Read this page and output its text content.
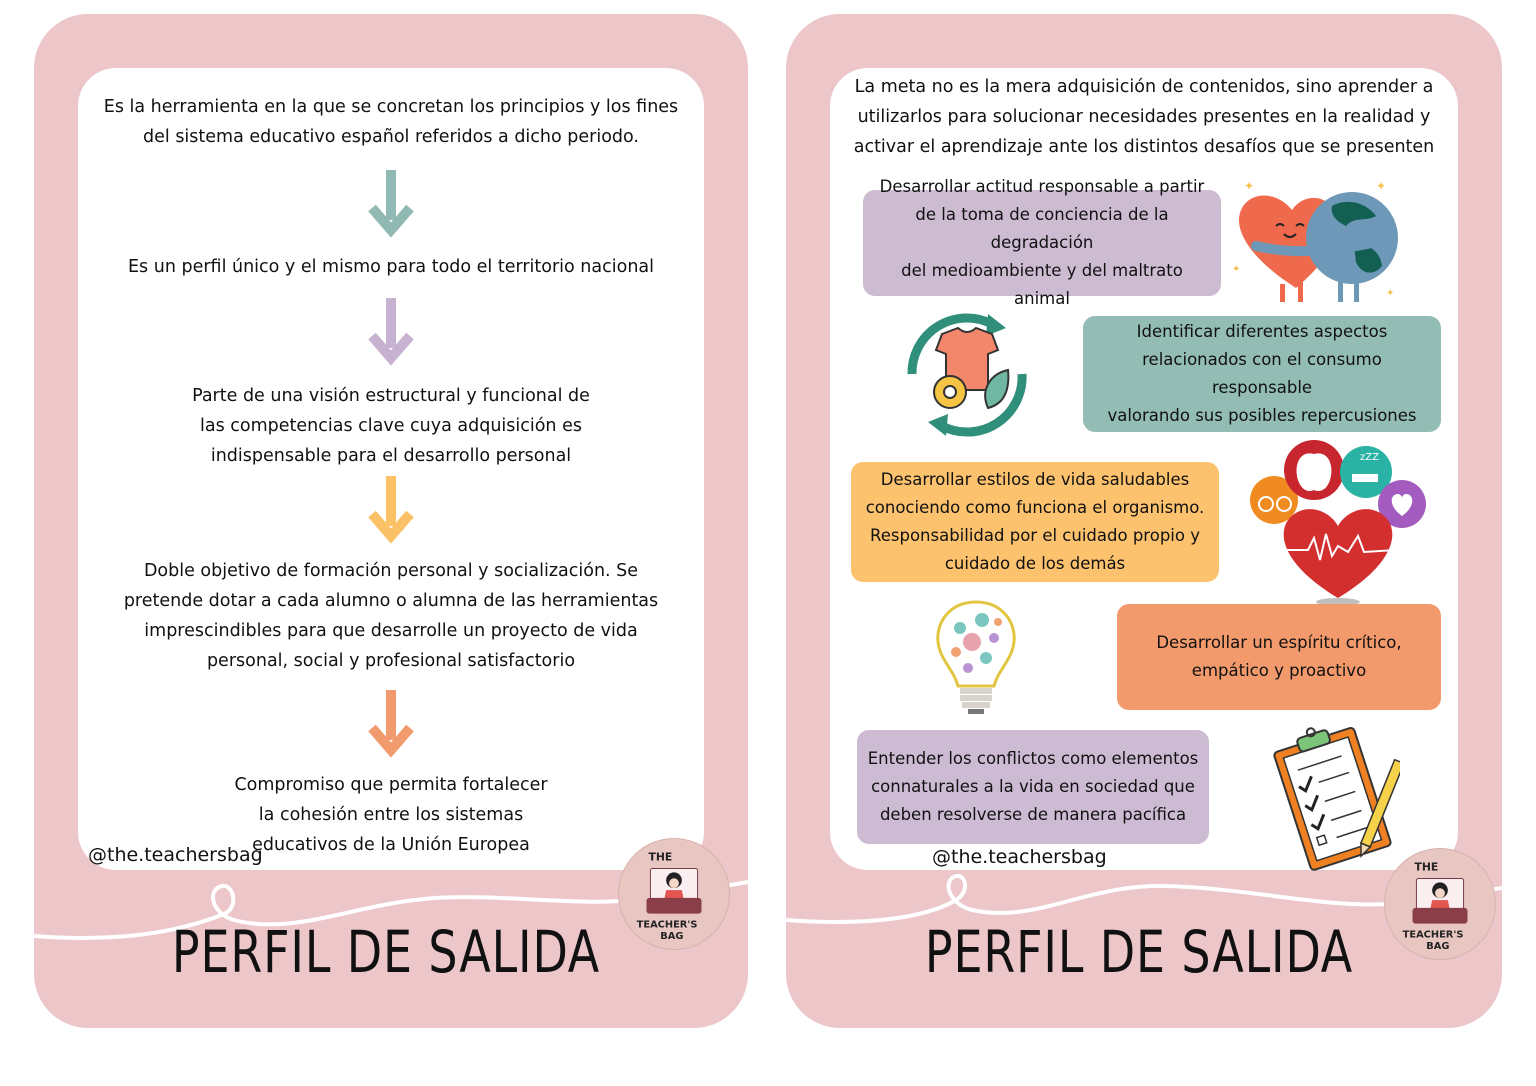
Es la herramienta en la que se concretan los principios y los fines
del sistema educativo español referidos a dicho periodo.
Es un perfil único y el mismo para todo el territorio nacional
Parte de una visión estructural y funcional de
las competencias clave cuya adquisición es
indispensable para el desarrollo personal
Doble objetivo de formación personal y socialización. Se
pretende dotar a cada alumno o alumna de las herramientas
imprescindibles para que desarrolle un proyecto de vida
personal, social y profesional satisfactorio
Compromiso que permita fortalecer
la cohesión entre los sistemas
educativos de la Unión Europea
@the.teachersbag
PERFIL DE SALIDA
THE
TEACHER'S
BAG
La meta no es la mera adquisición de contenidos, sino aprender a
utilizarlos para solucionar necesidades presentes en la realidad y
activar el aprendizaje ante los distintos desafíos que se presenten
Desarrollar actitud responsable a partir
de la toma de conciencia de la degradación
del medioambiente y del maltrato animal
✦	✦
✦
✦
Identificar diferentes aspectos
relacionados con el consumo responsable
valorando sus posibles repercusiones
Desarrollar estilos de vida saludables
conociendo como funciona el organismo.
Responsabilidad por el cuidado propio y
cuidado de los demás
zZZ
Desarrollar un espíritu crítico,
empático y proactivo
Entender los conflictos como elementos
connaturales a la vida en sociedad que
deben resolverse de manera pacífica
@the.teachersbag
PERFIL DE SALIDA
THE
TEACHER'S
BAG
